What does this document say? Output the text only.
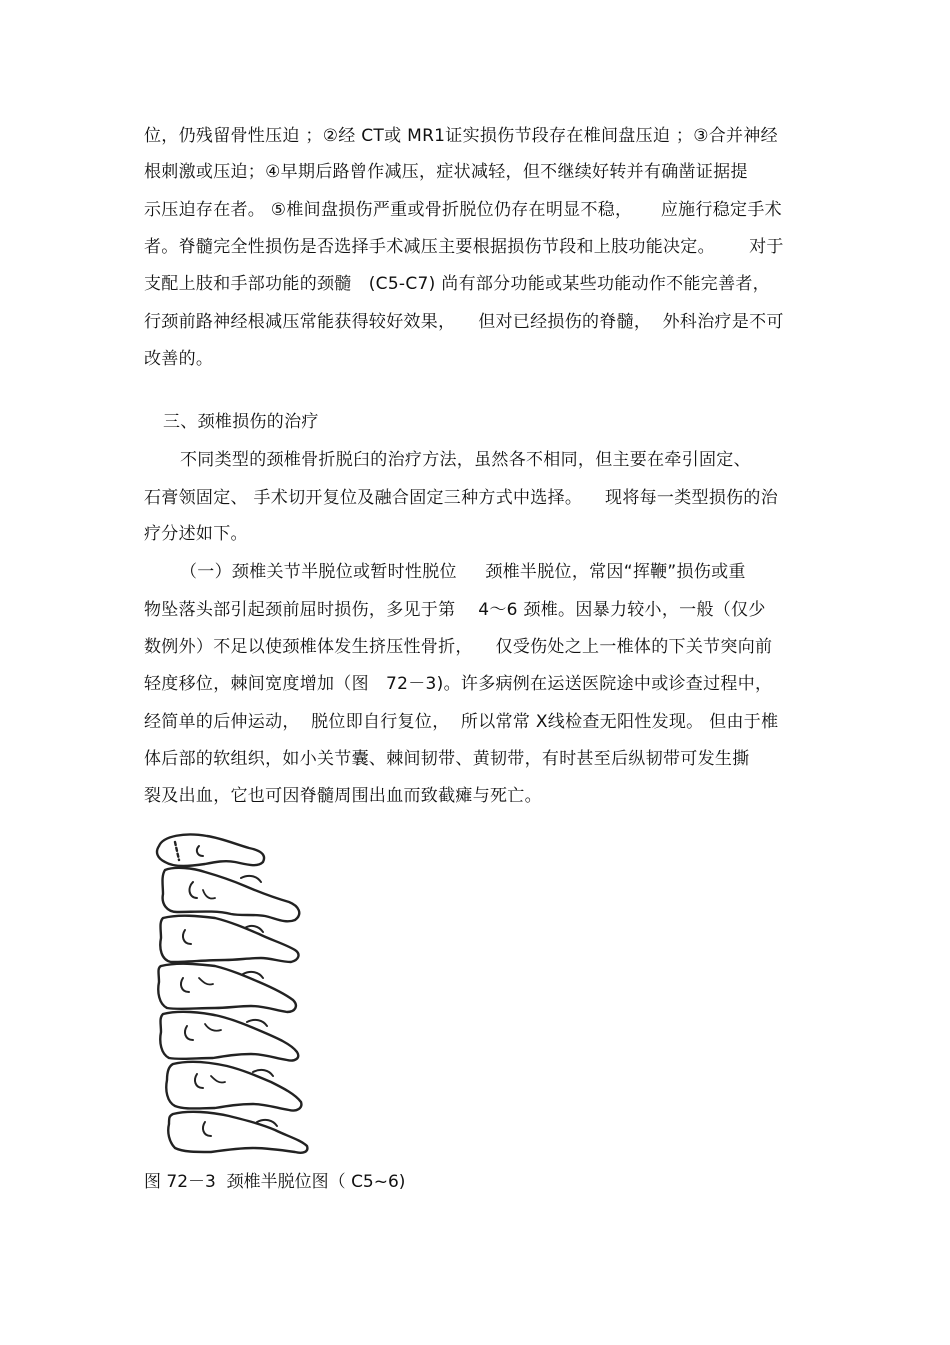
位，仍残留骨性压迫 ；②经 CT或 MR1证实损伤节段存在椎间盘压迫 ；③合并神经
根刺激或压迫；④早期后路曾作减压，症状减轻，但不继续好转并有确凿证据提
示压迫存在者。 ⑤椎间盘损伤严重或骨折脱位仍存在明显不稳，     应施行稳定手术
者。脊髓完全性损伤是否选择手术减压主要根据损伤节段和上肢功能决定。      对于
支配上肢和手部功能的颈髓   (C5-C7) 尚有部分功能或某些功能动作不能完善者，
行颈前路神经根减压常能获得较好效果，    但对已经损伤的脊髓，  外科治疗是不可
改善的。
三、颈椎损伤的治疗
不同类型的颈椎骨折脱臼的治疗方法，虽然各不相同，但主要在牵引固定、
石膏领固定、 手术切开复位及融合固定三种方式中选择。    现将每一类型损伤的治
疗分述如下。
（一）颈椎关节半脱位或暂时性脱位     颈椎半脱位，常因“挥鞭”损伤或重
物坠落头部引起颈前屈时损伤，多见于第    4～6 颈椎。因暴力较小，一般（仅少
数例外）不足以使颈椎体发生挤压性骨折，    仅受伤处之上一椎体的下关节突向前
轻度移位，棘间宽度增加（图   72－3)。许多病例在运送医院途中或诊查过程中，
经简单的后伸运动，  脱位即自行复位，  所以常常 X线检查无阳性发现。 但由于椎
体后部的软组织，如小关节囊、棘间韧带、黄韧带，有时甚至后纵韧带可发生撕
裂及出血，它也可因脊髓周围出血而致截瘫与死亡。
图 72－3  颈椎半脱位图（ C5~6)
